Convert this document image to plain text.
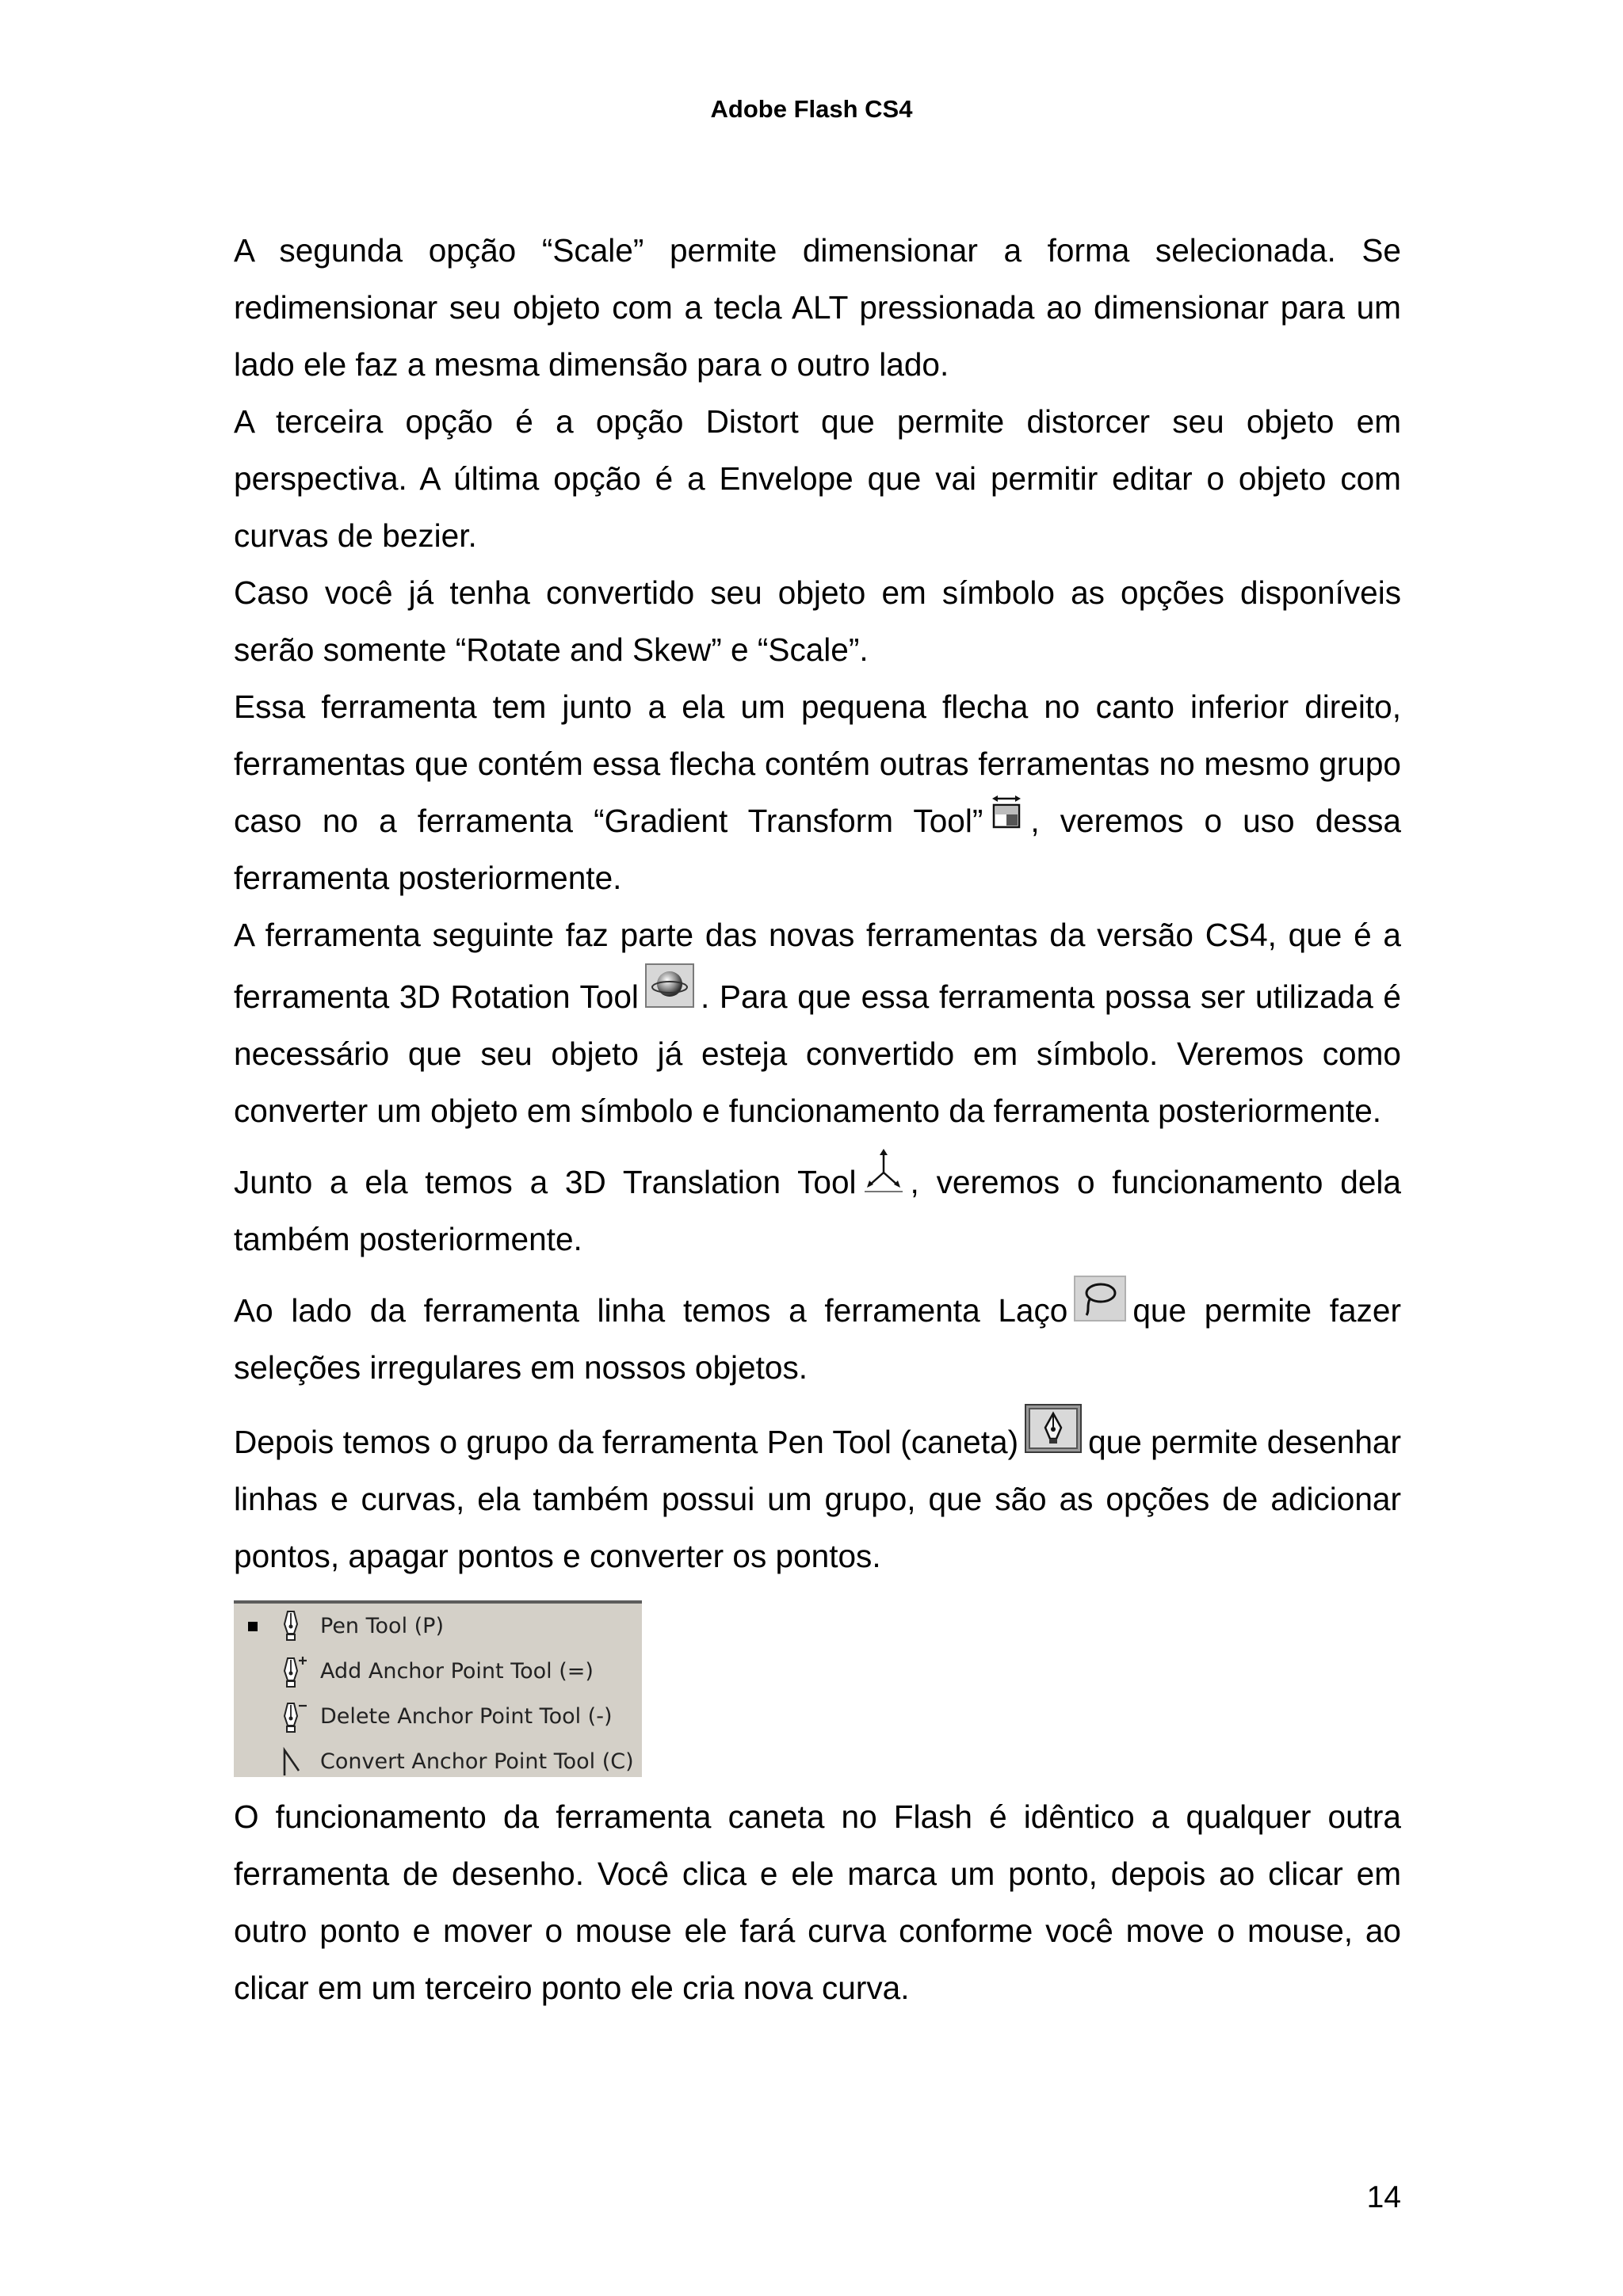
Adobe Flash CS4

A segunda opção “Scale” permite dimensionar a forma selecionada. Se redimensionar seu objeto com a tecla ALT pressionada ao dimensionar para um lado ele faz a mesma dimensão para o outro lado.

A terceira opção é a opção Distort que permite distorcer seu objeto em perspectiva. A última opção é a Envelope que vai permitir editar o objeto com curvas de bezier.

Caso você já tenha convertido seu objeto em símbolo as opções disponíveis serão somente “Rotate and Skew” e “Scale”.

Essa ferramenta tem junto a ela um pequena flecha no canto inferior direito, ferramentas que contém essa flecha contém outras ferramentas no mesmo grupo caso no a ferramenta “Gradient Transform Tool” , veremos o uso dessa ferramenta posteriormente.

A ferramenta seguinte faz parte das novas ferramentas da versão CS4, que é a ferramenta 3D Rotation Tool . Para que essa ferramenta possa ser utilizada é necessário que seu objeto já esteja convertido em símbolo. Veremos como converter um objeto em símbolo e funcionamento da ferramenta posteriormente.

Junto a ela temos a 3D Translation Tool , veremos o funcionamento dela também posteriormente.

Ao lado da ferramenta linha temos a ferramenta Laço que permite fazer seleções irregulares em nossos objetos.

Depois temos o grupo da ferramenta Pen Tool (caneta) que permite desenhar linhas e curvas, ela também possui um grupo, que são as opções de adicionar pontos, apagar pontos e converter os pontos.

Pen Tool (P)
Add Anchor Point Tool (=)
Delete Anchor Point Tool (-)
Convert Anchor Point Tool (C)

O funcionamento da ferramenta caneta no Flash é idêntico a qualquer outra ferramenta de desenho. Você clica e ele marca um ponto, depois ao clicar em outro ponto e mover o mouse ele fará curva conforme você move o mouse, ao clicar em um terceiro ponto ele cria nova curva.

14
